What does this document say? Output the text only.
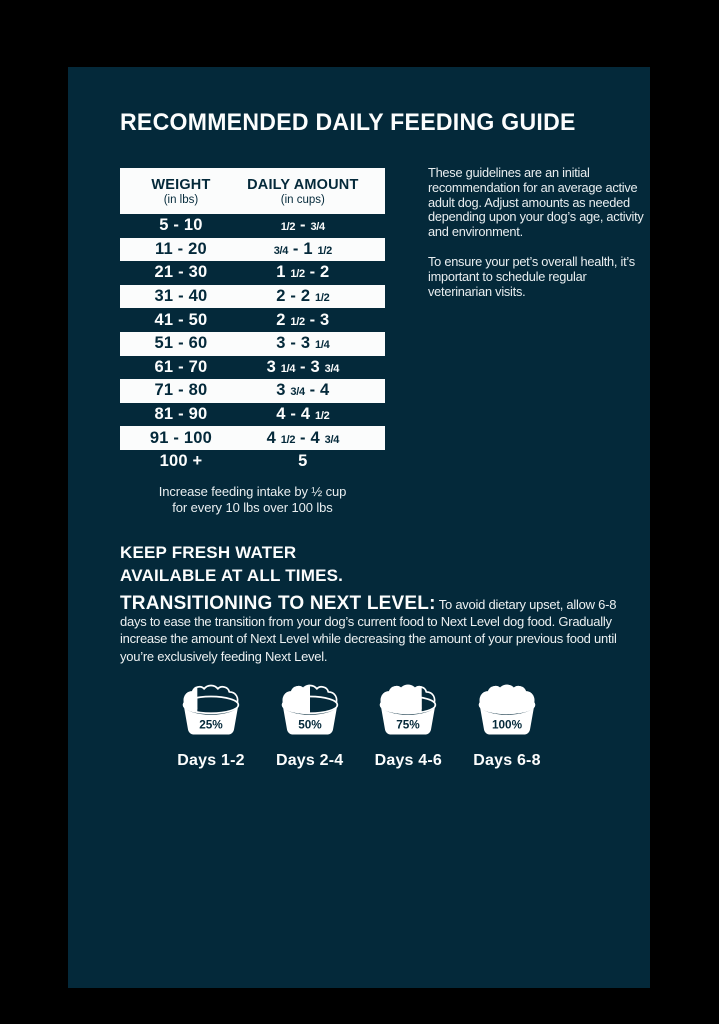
RECOMMENDED DAILY FEEDING GUIDE
WEIGHT
(in lbs)
DAILY AMOUNT
(in cups)
5 - 10	1/2 - 3/4
11 - 20	3/4 - 1 1/2
21 - 30	1 1/2 - 2
31 - 40	2 - 2 1/2
41 - 50	2 1/2 - 3
51 - 60	3 - 3 1/4
61 - 70	3 1/4 - 3 3/4
71 - 80	3 3/4 - 4
81 - 90	4 - 4 1/2
91 - 100	4 1/2 - 4 3/4
100 +	5
Increase feeding intake by ½ cup
for every 10 lbs over 100 lbs

These guidelines are an initial recommendation for an average active adult dog. Adjust amounts as needed depending upon your dog’s age, activity and environment.

To ensure your pet’s overall health, it’s important to schedule regular veterinarian visits.

KEEP FRESH WATER
AVAILABLE AT ALL TIMES.
TRANSITIONING TO NEXT LEVEL: To avoid dietary upset, allow 6-8 days to ease the transition from your dog’s current food to Next Level dog food. Gradually increase the amount of Next Level while decreasing the amount of your previous food until you’re exclusively feeding Next Level.
25%
Days 1-2
50%
Days 2-4
75%
Days 4-6
100%
Days 6-8
